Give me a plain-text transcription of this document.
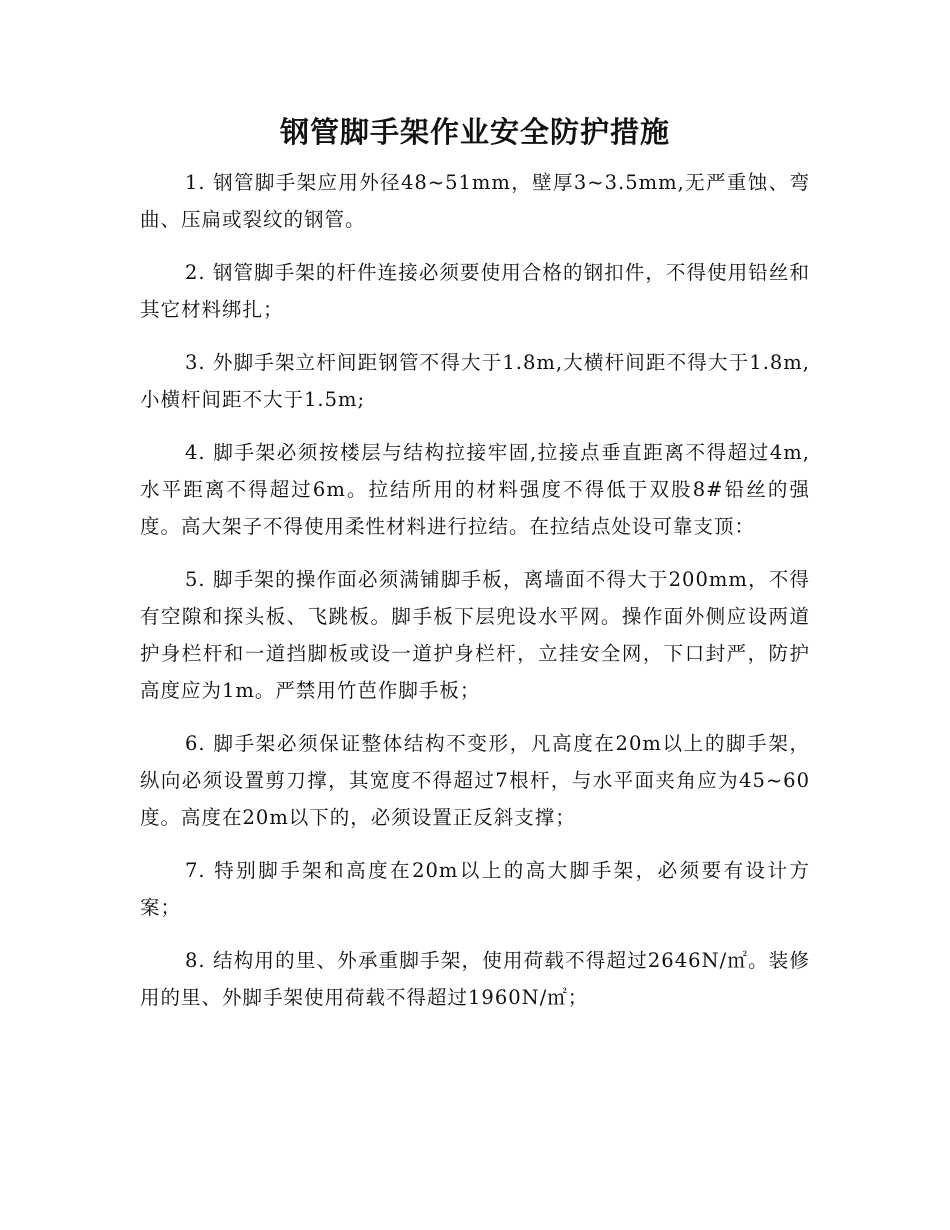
钢管脚手架作业安全防护措施

1. 钢管脚手架应用外径48~51mm，壁厚3~3.5mm,无严重蚀、弯曲、压扁或裂纹的钢管。

2. 钢管脚手架的杆件连接必须要使用合格的钢扣件，不得使用铅丝和其它材料绑扎；

3. 外脚手架立杆间距钢管不得大于1.8m,大横杆间距不得大于1.8m,小横杆间距不大于1.5m;

4. 脚手架必须按楼层与结构拉接牢固,拉接点垂直距离不得超过4m,水平距离不得超过6m。拉结所用的材料强度不得低于双股8#铅丝的强度。高大架子不得使用柔性材料进行拉结。在拉结点处设可靠支顶：

5. 脚手架的操作面必须满铺脚手板，离墙面不得大于200mm，不得有空隙和探头板、飞跳板。脚手板下层兜设水平网。操作面外侧应设两道护身栏杆和一道挡脚板或设一道护身栏杆，立挂安全网，下口封严，防护高度应为1m。严禁用竹芭作脚手板；

6. 脚手架必须保证整体结构不变形，凡高度在20m以上的脚手架，纵向必须设置剪刀撑，其宽度不得超过7根杆，与水平面夹角应为45~60度。高度在20m以下的，必须设置正反斜支撑；

7. 特别脚手架和高度在20m以上的高大脚手架，必须要有设计方案；

8. 结构用的里、外承重脚手架，使用荷载不得超过2646N/㎡。装修用的里、外脚手架使用荷载不得超过1960N/㎡；
